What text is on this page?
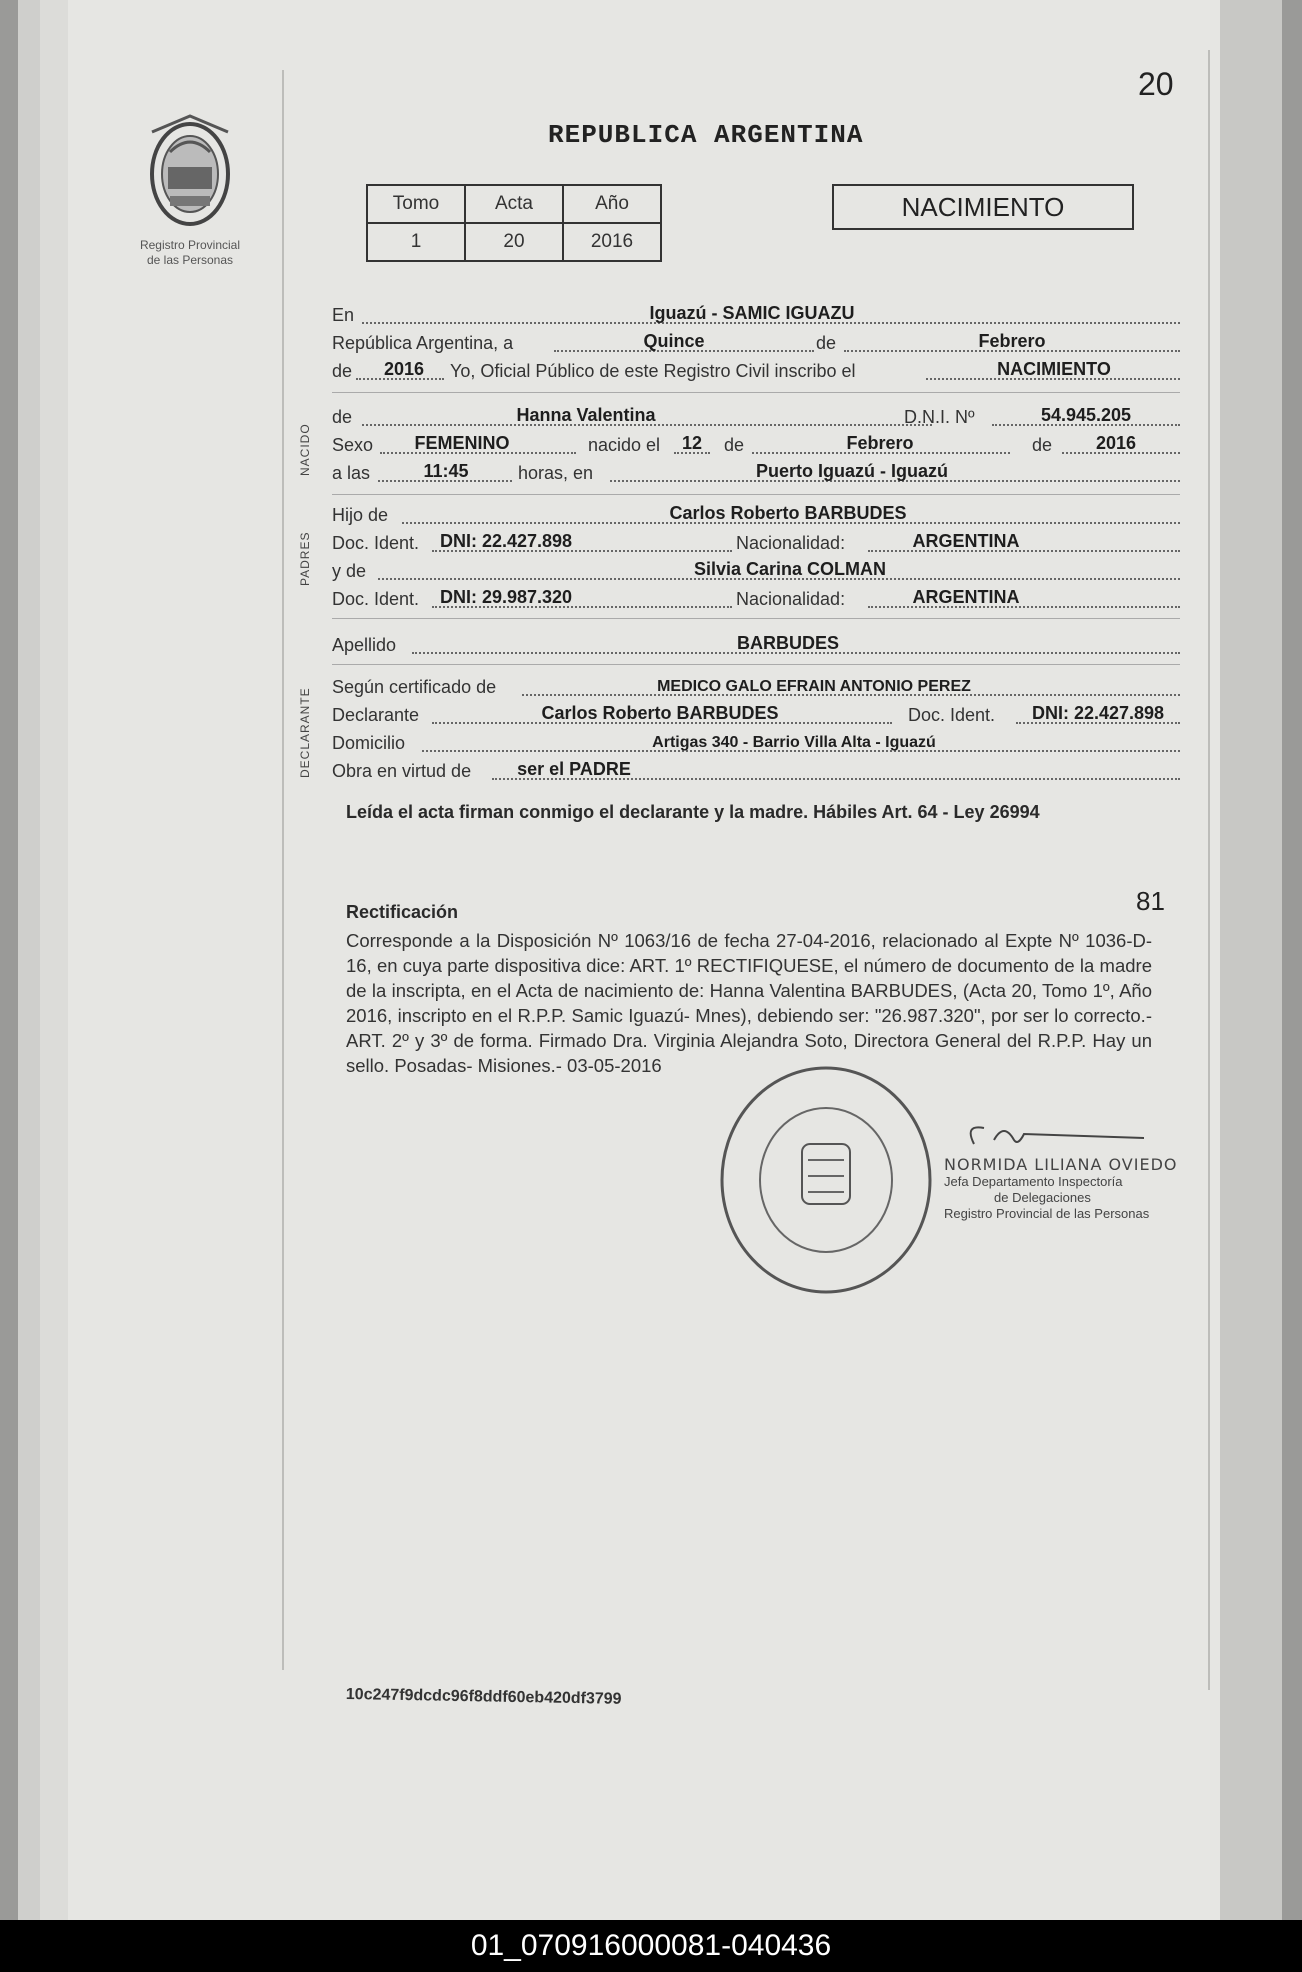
Registro Provincial
de las Personas
20
REPUBLICA ARGENTINA
Tomo	Acta	Año
1	20	2016
NACIMIENTO
En	Iguazú - SAMIC IGUAZU
República Argentina, a	Quince	de	Febrero
de 2016 Yo, Oficial Público de este Registro Civil inscribo el	NACIMIENTO
NACIDO
de	Hanna Valentina	D.N.I. Nº	54.945.205
Sexo FEMENINO	nacido el 12 de	Febrero	de 2016
a las	11:45	horas, en	Puerto Iguazú - Iguazú
PADRES
Hijo de	Carlos Roberto BARBUDES
Doc. Ident. DNI: 22.427.898	Nacionalidad:	ARGENTINA
y de	Silvia Carina COLMAN
Doc. Ident. DNI: 29.987.320	Nacionalidad:	ARGENTINA
Apellido	BARBUDES
DECLARANTE
Según certificado de	MEDICO GALO EFRAIN ANTONIO PEREZ
Declarante	Carlos Roberto BARBUDES	Doc. Ident. DNI: 22.427.898
Domicilio	Artigas 340 - Barrio Villa Alta - Iguazú
Obra en virtud de	ser el PADRE
Leída el acta firman conmigo el declarante y la madre. Hábiles Art. 64 - Ley 26994
Rectificación	81
Corresponde a la Disposición Nº 1063/16 de fecha 27-04-2016, relacionado al Expte Nº 1036-D-16, en cuya parte dispositiva dice: ART. 1º RECTIFIQUESE, el número de documento de la madre de la inscripta, en el Acta de nacimiento de: Hanna Valentina BARBUDES, (Acta 20, Tomo 1º, Año 2016, inscripto en el R.P.P. Samic Iguazú- Mnes), debiendo ser: "26.987.320", por ser lo correcto.- ART. 2º y 3º de forma. Firmado Dra. Virginia Alejandra Soto, Directora General del R.P.P. Hay un sello. Posadas- Misiones.- 03-05-2016
NORMIDA LILIANA OVIEDO
Jefa Departamento Inspectoría
de Delegaciones
Registro Provincial de las Personas
10c247f9dcdc96f8ddf60eb420df3799
01_070916000081-040436
